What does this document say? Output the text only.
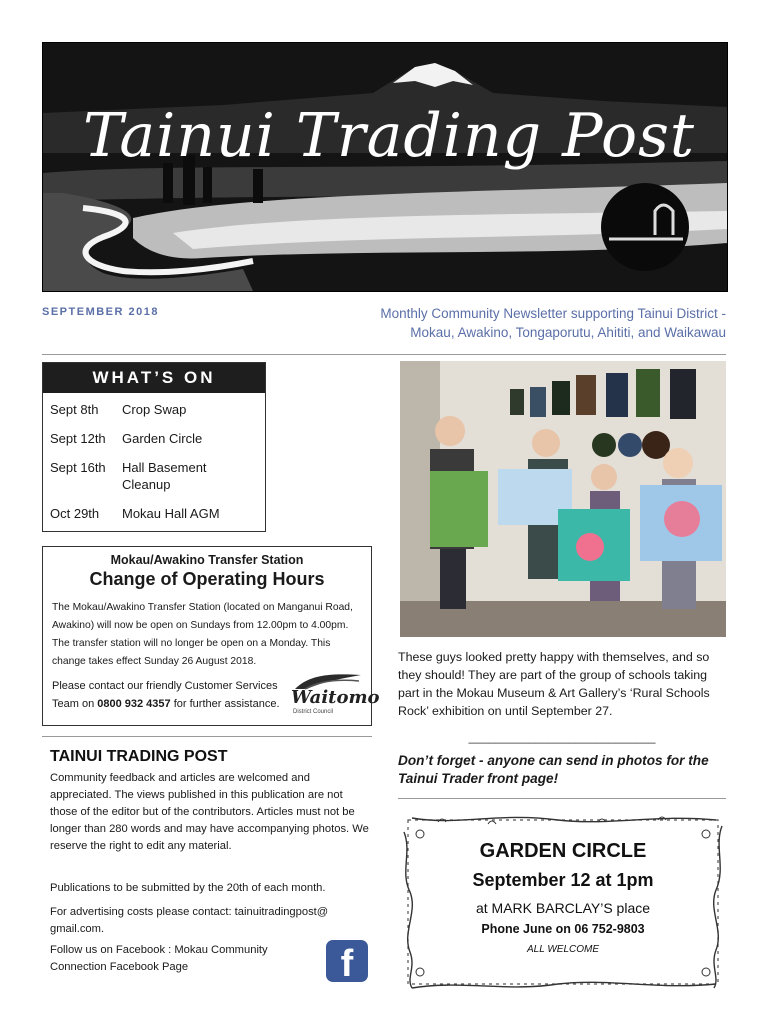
Tainui Trading Post
SEPTEMBER 2018	Monthly Community Newsletter supporting Tainui District -
Mokau, Awakino, Tongaporutu, Ahititi, and Waikawau
WHAT’S ON
Sept 8th	Crop Swap
Sept 12th	Garden Circle
Sept 16th	Hall Basement Cleanup
Oct 29th	Mokau Hall AGM
Mokau/Awakino Transfer Station
Change of Operating Hours
The Mokau/Awakino Transfer Station (located on Manganui Road, Awakino) will now be open on Sundays from 12.00pm to 4.00pm. The transfer station will no longer be open on a Monday. This change takes effect Sunday 26 August 2018.
Please contact our friendly Customer Services Team on 0800 932 4357 for further assistance. Waitomo
District Council
TAINUI TRADING POST
Community feedback and articles are welcomed and appreciated. The views published in this publication are not those of the editor but of the contributors. Articles must not be longer than 280 words and may have accompanying photos. We reserve the right to edit any material.
Publications to be submitted by the 20th of each month.
For advertising costs please contact: tainuitradingpost@ gmail.com.
Follow us on Facebook : Mokau Community Connection Facebook Page	f
These guys looked pretty happy with themselves, and so they should! They are part of the group of schools taking part in the Mokau Museum & Art Gallery’s ‘Rural Schools Rock’ exhibition on until September 27.
____________________________
Don’t forget - anyone can send in photos for the Tainui Trader front page!
GARDEN CIRCLE
September 12 at 1pm
at MARK BARCLAY’S place
Phone June on 06 752-9803
ALL WELCOME
